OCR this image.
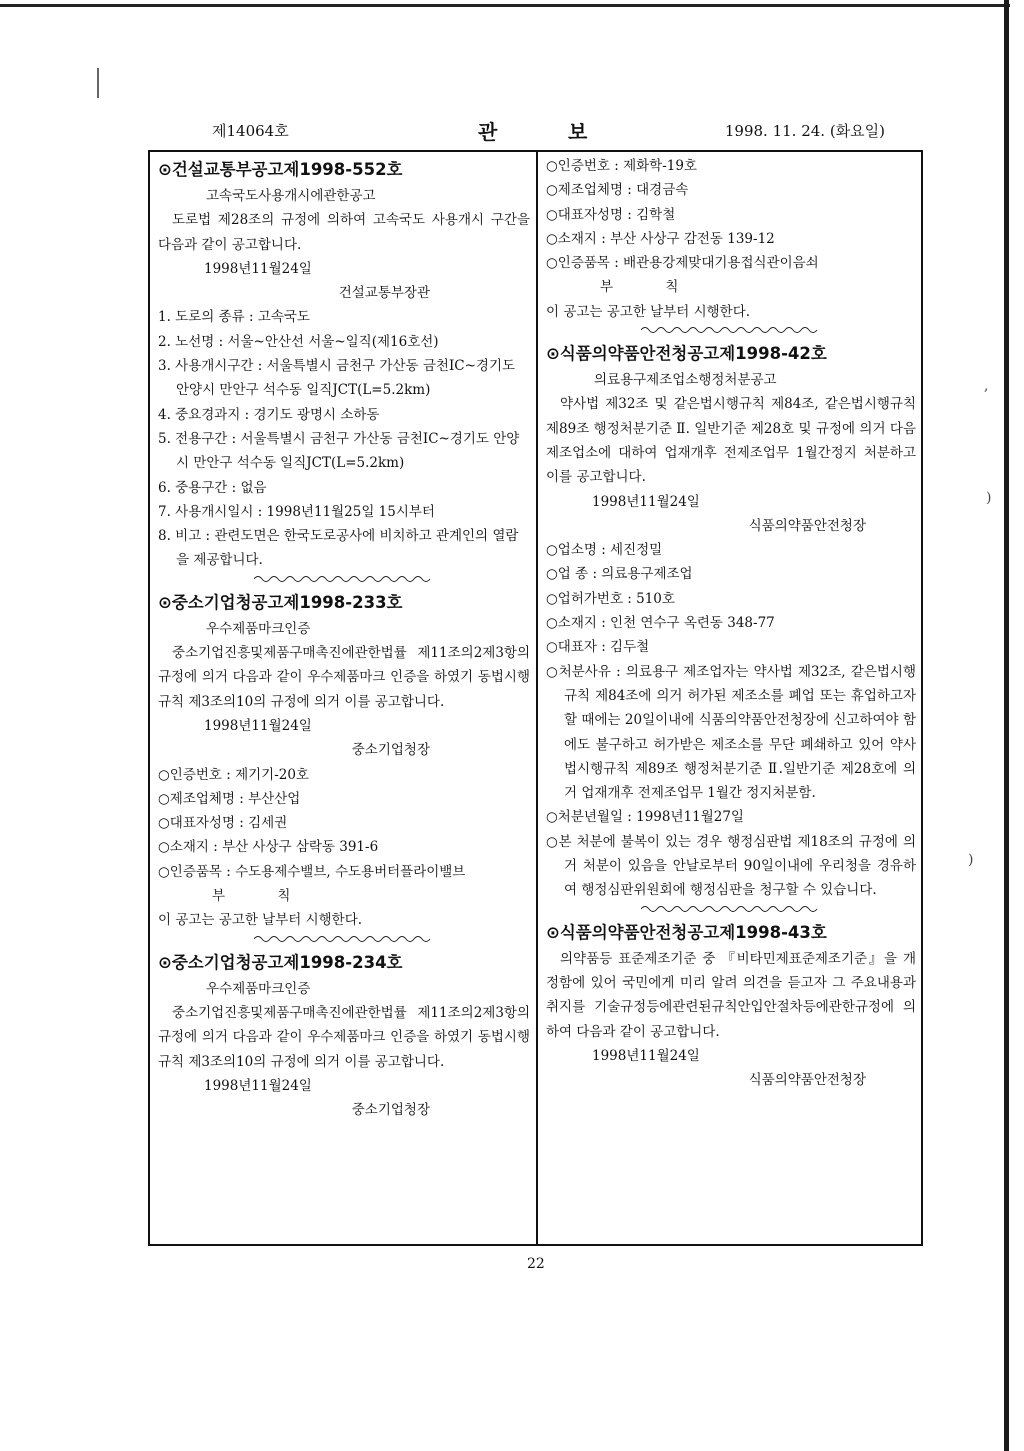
제14064호	관	보	1998. 11. 24. (화요일)
⊙건설교통부공고제1998-552호
고속국도사용개시에관한공고
도로법 제28조의 규정에 의하여 고속국도 사용개시 구간을 다음과 같이 공고합니다.
1998년11월24일
건설교통부장관
1. 도로의 종류 : 고속국도
2. 노선명 : 서울~안산선 서울~일직(제16호선)
3. 사용개시구간 : 서울특별시 금천구 가산동 금천IC~경기도 안양시 만안구 석수동 일직JCT(L=5.2km)
4. 중요경과지 : 경기도 광명시 소하동
5. 전용구간 : 서울특별시 금천구 가산동 금천IC~경기도 안양시 만안구 석수동 일직JCT(L=5.2km)
6. 중용구간 : 없음
7. 사용개시일시 : 1998년11월25일 15시부터
8. 비고 : 관련도면은 한국도로공사에 비치하고 관계인의 열람을 제공합니다.
⊙중소기업청공고제1998-233호
우수제품마크인증
중소기업진흥및제품구매촉진에관한법률 제11조의2제3항의 규정에 의거 다음과 같이 우수제품마크 인증을 하였기 동법시행규칙 제3조의10의 규정에 의거 이를 공고합니다.
1998년11월24일
중소기업청장
○인증번호 : 제기기-20호
○제조업체명 : 부산산업
○대표자성명 : 김세권
○소재지 : 부산 사상구 삼락동 391-6
○인증품목 : 수도용제수밸브, 수도용버터플라이밸브
부 칙
이 공고는 공고한 날부터 시행한다.
⊙중소기업청공고제1998-234호
우수제품마크인증
중소기업진흥및제품구매촉진에관한법률 제11조의2제3항의 규정에 의거 다음과 같이 우수제품마크 인증을 하였기 동법시행규칙 제3조의10의 규정에 의거 이를 공고합니다.
1998년11월24일
중소기업청장
○인증번호 : 제화학-19호
○제조업체명 : 대경금속
○대표자성명 : 김학철
○소재지 : 부산 사상구 감전동 139-12
○인증품목 : 배관용강제맞대기용접식관이음쇠
부 칙
이 공고는 공고한 날부터 시행한다.
⊙식품의약품안전청공고제1998-42호
의료용구제조업소행정처분공고
약사법 제32조 및 같은법시행규칙 제84조, 같은법시행규칙 제89조 행정처분기준 Ⅱ. 일반기준 제28호 및 규정에 의거 다음 제조업소에 대하여 업재개후 전제조업무 1월간정지 처분하고 이를 공고합니다.
1998년11월24일
식품의약품안전청장
○업소명 : 세진정밀
○업 종 : 의료용구제조업
○업허가번호 : 510호
○소재지 : 인천 연수구 옥련동 348-77
○대표자 : 김두철
○처분사유 : 의료용구 제조업자는 약사법 제32조, 같은법시행규칙 제84조에 의거 허가된 제조소를 폐업 또는 휴업하고자 할 때에는 20일이내에 식품의약품안전청장에 신고하여야 함에도 불구하고 허가받은 제조소를 무단 폐쇄하고 있어 약사법시행규칙 제89조 행정처분기준 Ⅱ.일반기준 제28호에 의거 업재개후 전제조업무 1월간 정지처분함.
○처분년월일 : 1998년11월27일
○본 처분에 불복이 있는 경우 행정심판법 제18조의 규정에 의거 처분이 있음을 안날로부터 90일이내에 우리청을 경유하여 행정심판위원회에 행정심판을 청구할 수 있습니다.
⊙식품의약품안전청공고제1998-43호
의약품등 표준제조기준 중 『비타민제표준제조기준』을 개정함에 있어 국민에게 미리 알려 의견을 듣고자 그 주요내용과 취지를 기술규정등에관련된규칙안입안절차등에관한규정에 의하여 다음과 같이 공고합니다.
1998년11월24일
식품의약품안전청장
22
,
)
)
